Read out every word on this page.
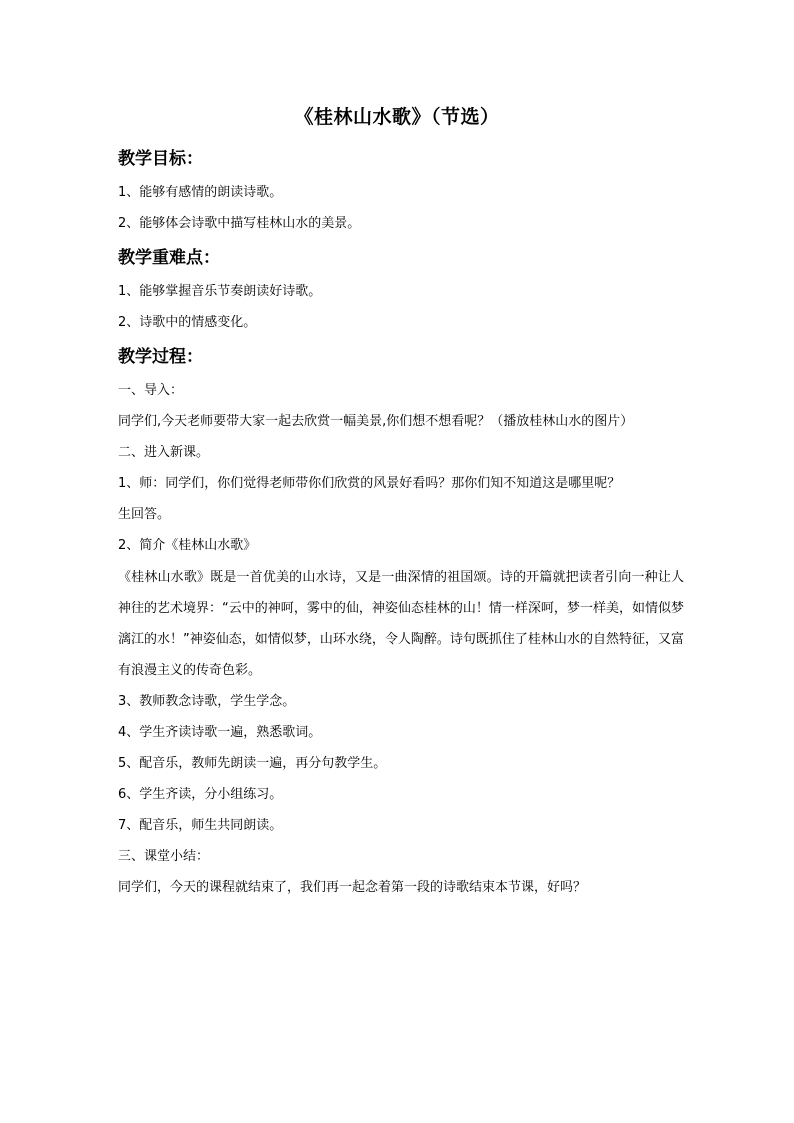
《桂林山水歌》（节选）
教学目标：
1、能够有感情的朗读诗歌。
2、能够体会诗歌中描写桂林山水的美景。
教学重难点：
1、能够掌握音乐节奏朗读好诗歌。
2、诗歌中的情感变化。
教学过程：
一、导入：
同学们,今天老师要带大家一起去欣赏一幅美景,你们想不想看呢？（播放桂林山水的图片）
二、进入新课。
1、师：同学们，你们觉得老师带你们欣赏的风景好看吗？那你们知不知道这是哪里呢？
生回答。
2、简介《桂林山水歌》
《桂林山水歌》既是一首优美的山水诗，又是一曲深情的祖国颂。诗的开篇就把读者引向一种让人神往的艺术境界：“云中的神呵，雾中的仙，神姿仙态桂林的山！情一样深呵，梦一样美，如情似梦漓江的水！”神姿仙态，如情似梦，山环水绕，令人陶醉。诗句既抓住了桂林山水的自然特征，又富有浪漫主义的传奇色彩。
3、教师教念诗歌，学生学念。
4、学生齐读诗歌一遍，熟悉歌词。
5、配音乐，教师先朗读一遍，再分句教学生。
6、学生齐读，分小组练习。
7、配音乐，师生共同朗读。
三、课堂小结：
同学们，今天的课程就结束了，我们再一起念着第一段的诗歌结束本节课，好吗？
